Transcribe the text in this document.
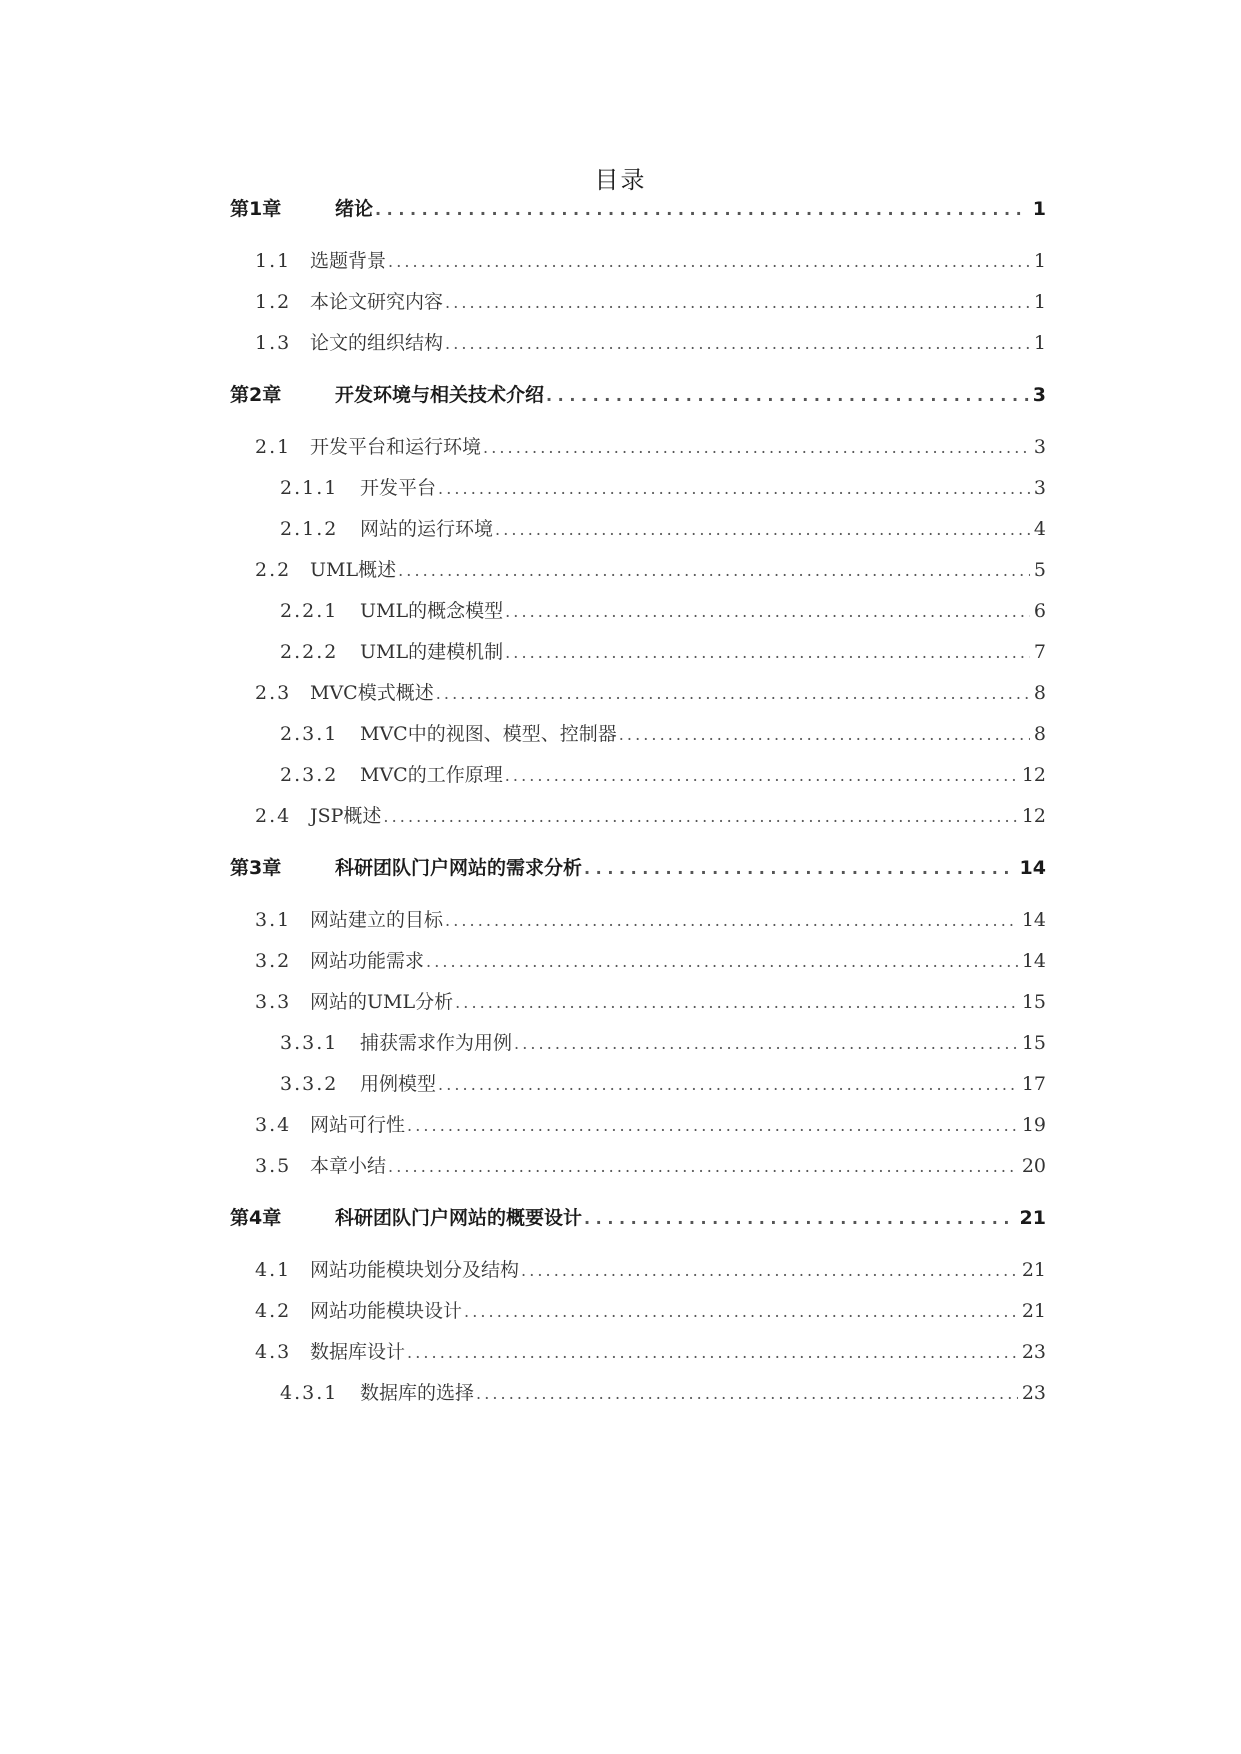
目录
第1章	绪论 . . .	1
1.1 选题背景 . . .	1
1.2 本论文研究内容 . . .	1
1.3 论文的组织结构 . . .	1
第2章	开发环境与相关技术介绍 . . .	3
2.1 开发平台和运行环境 . . .	3
2.1.1	开发平台 . . .	3
2.1.2	网站的运行环境 . . .	4
2.2 UML概述 . . .	5
2.2.1	UML的概念模型 . . .	6
2.2.2	UML的建模机制 . . .	7
2.3 MVC模式概述 . . .	8
2.3.1	MVC中的视图、模型、控制器 . . .	8
2.3.2	MVC的工作原理 . . .	12
2.4 JSP概述 . . .	12
第3章	科研团队门户网站的需求分析 . . .	14
3.1 网站建立的目标 . . .	14
3.2 网站功能需求 . . .	14
3.3 网站的UML分析 . . .	15
3.3.1	捕获需求作为用例 . . .	15
3.3.2	用例模型 . . .	17
3.4 网站可行性 . . .	19
3.5 本章小结 . . .	20
第4章	科研团队门户网站的概要设计 . . .	21
4.1 网站功能模块划分及结构 . . .	21
4.2 网站功能模块设计 . . .	21
4.3 数据库设计 . . .	23
4.3.1	数据库的选择 . . .	23
